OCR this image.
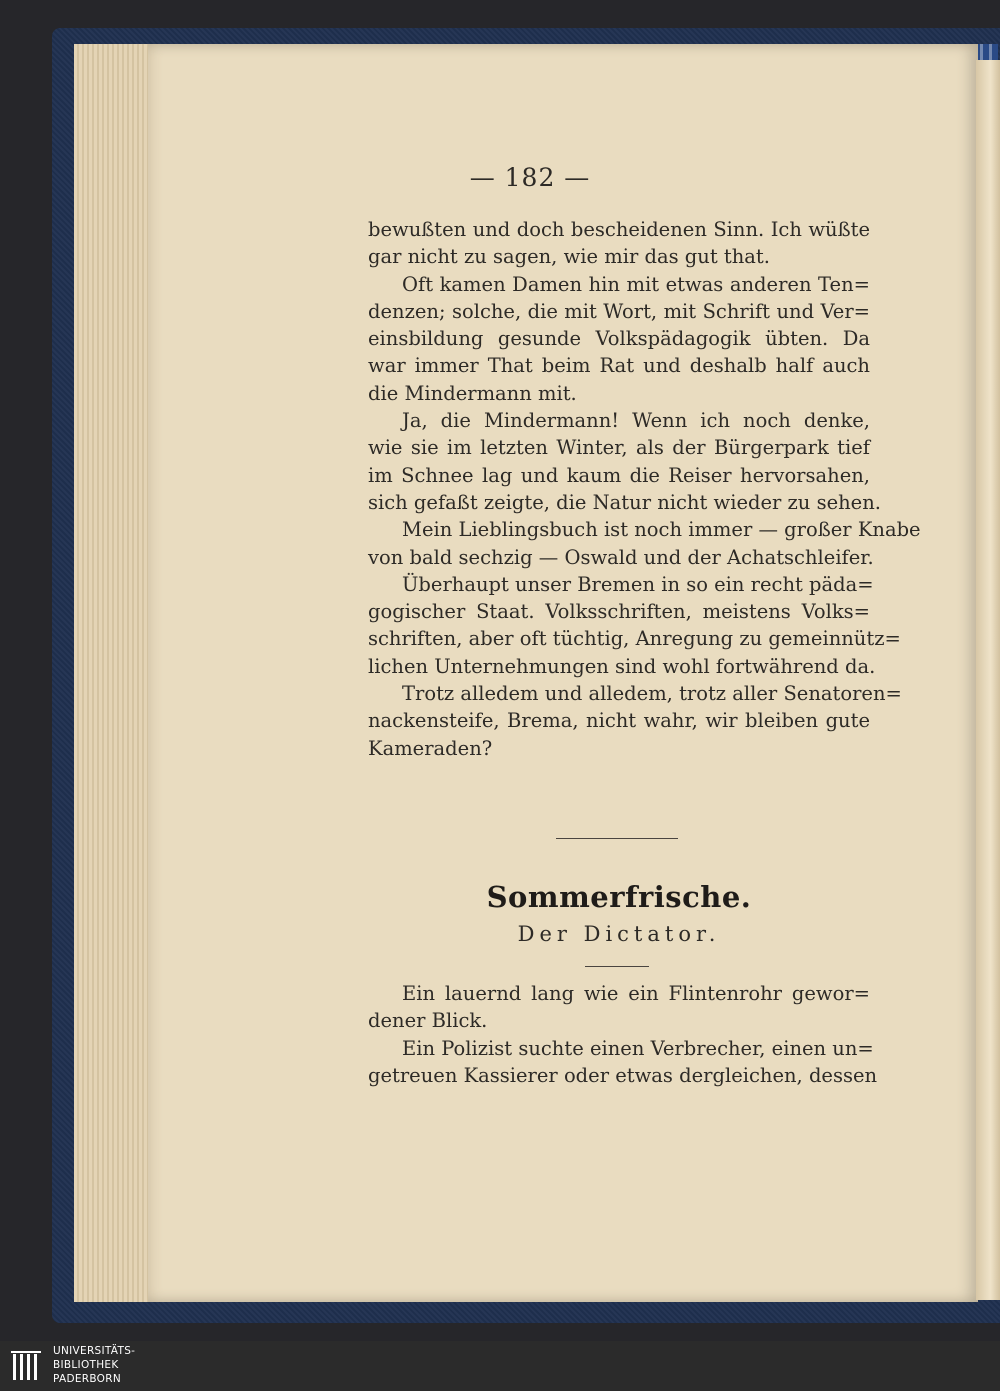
— 182 —
bewußten und doch bescheidenen Sinn. Ich wüßte
gar nicht zu sagen, wie mir das gut that.
Oft kamen Damen hin mit etwas anderen Ten=
denzen; solche, die mit Wort, mit Schrift und Ver=
einsbildung gesunde Volkspädagogik übten. Da
war immer That beim Rat und deshalb half auch
die Mindermann mit.
Ja, die Mindermann! Wenn ich noch denke,
wie sie im letzten Winter, als der Bürgerpark tief
im Schnee lag und kaum die Reiser hervorsahen,
sich gefaßt zeigte, die Natur nicht wieder zu sehen.
Mein Lieblingsbuch ist noch immer — großer Knabe
von bald sechzig — Oswald und der Achatschleifer.
Überhaupt unser Bremen in so ein recht päda=
gogischer Staat. Volksschriften, meistens Volks=
schriften, aber oft tüchtig, Anregung zu gemeinnütz=
lichen Unternehmungen sind wohl fortwährend da.
Trotz alledem und alledem, trotz aller Senatoren=
nackensteife, Brema, nicht wahr, wir bleiben gute
Kameraden?
Sommerfrische.
Der Dictator.
Ein lauernd lang wie ein Flintenrohr gewor=
dener Blick.
Ein Polizist suchte einen Verbrecher, einen un=
getreuen Kassierer oder etwas dergleichen, dessen
UNIVERSITÄTS-
BIBLIOTHEK
PADERBORN
